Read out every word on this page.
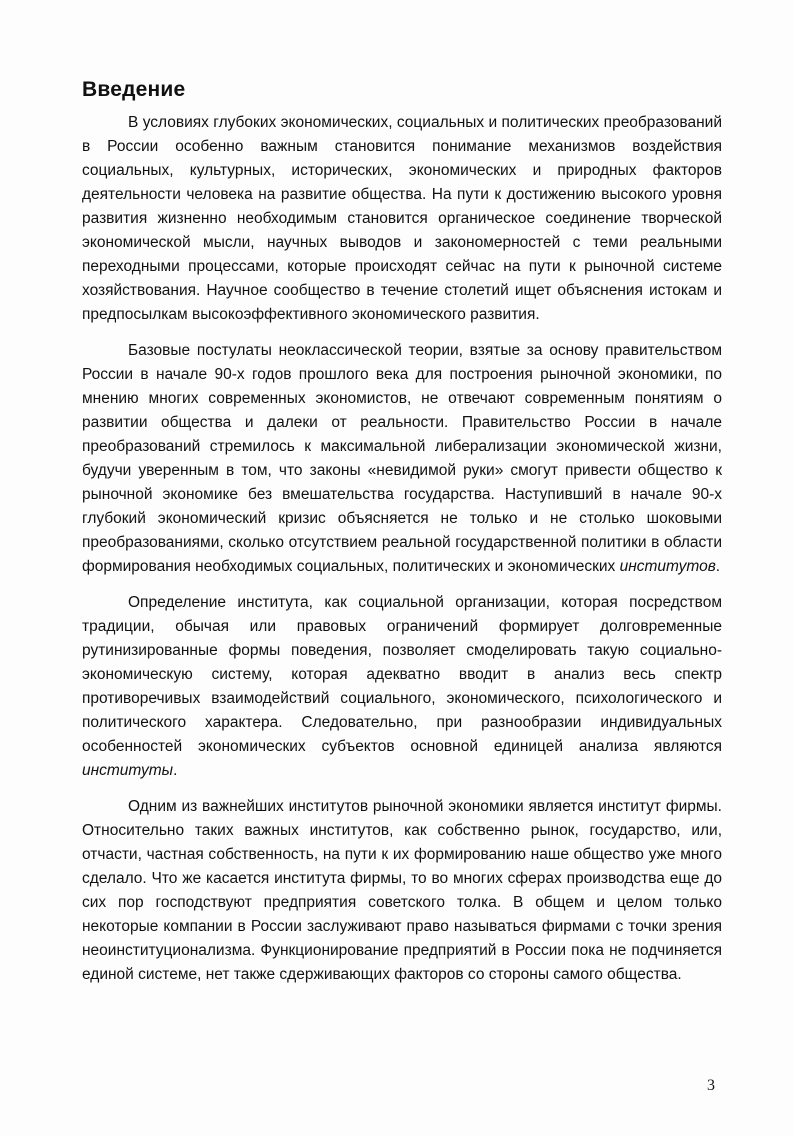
Введение

В условиях глубоких экономических, социальных и политических преобразований в России особенно важным становится понимание механизмов воздействия социальных, культурных, исторических, экономических и природных факторов деятельности человека на развитие общества. На пути к достижению высокого уровня развития жизненно необходимым становится органическое соединение творческой экономической мысли, научных выводов и закономерностей с теми реальными переходными процессами, которые происходят сейчас на пути к рыночной системе хозяйствования. Научное сообщество в течение столетий ищет объяснения истокам и предпосылкам высокоэффективного экономического развития.

Базовые постулаты неоклассической теории, взятые за основу правительством России в начале 90-х годов прошлого века для построения рыночной экономики, по мнению многих современных экономистов, не отвечают современным понятиям о развитии общества и далеки от реальности. Правительство России в начале преобразований стремилось к максимальной либерализации экономической жизни, будучи уверенным в том, что законы «невидимой руки» смогут привести общество к рыночной экономике без вмешательства государства. Наступивший в начале 90-х глубокий экономический кризис объясняется не только и не столько шоковыми преобразованиями, сколько отсутствием реальной государственной политики в области формирования необходимых социальных, политических и экономических институтов.

Определение института, как социальной организации, которая посредством традиции, обычая или правовых ограничений формирует долговременные рутинизированные формы поведения, позволяет смоделировать такую социально-экономическую систему, которая адекватно вводит в анализ весь спектр противоречивых взаимодействий социального, экономического, психологического и политического характера. Следовательно, при разнообразии индивидуальных особенностей экономических субъектов основной единицей анализа являются институты.

Одним из важнейших институтов рыночной экономики является институт фирмы. Относительно таких важных институтов, как собственно рынок, государство, или, отчасти, частная собственность, на пути к их формированию наше общество уже много сделало. Что же касается института фирмы, то во многих сферах производства еще до сих пор господствуют предприятия советского толка. В общем и целом только некоторые компании в России заслуживают право называться фирмами с точки зрения неоинституционализма. Функционирование предприятий в России пока не подчиняется единой системе, нет также сдерживающих факторов со стороны самого общества.

3
